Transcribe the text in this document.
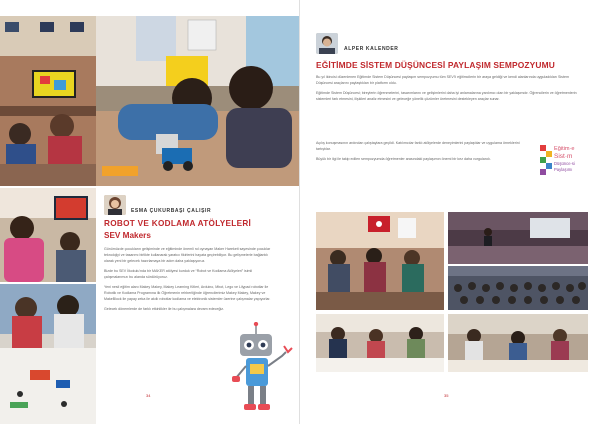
ESMA ÇUKURBAŞI ÇALIŞIR
ROBOT VE KODLAMA ATÖLYELERİ
SEV Makers

Günümüzde çocukların gelişiminde ve eğitiminde önemli rol oynayan Maker Hareketi sayesinde çocuklar teknolojiyi ve tasarımı birlikte kullanarak yaratıcı fikirlerini hayata geçirebiliyor. Bu gelişmelerle bağlantılı olarak yeni bir gelecek hazırlamaya bir adım daha yaklaşıyoruz.

Bizde bu SEV İlkokulu'nda bir MAKER atölyesi kurduk ve “Robot ve Kodlama Atölyeleri” isimli çalışmalarımızı bu alanda sürdürüyoruz.

Yeni nesil eğitim alanı Makey Makey, Makey Learning Kitleri, Arduino, Mbot, Lego ve Lilypad robotlar ile Robotik ve Kodlama Programına ilk Öğretmenin rehberliğinde öğrencilerimiz Makey Makey, Makey ve MakeBlock ile yapay zeka ile akıllı robotlar kodlama ve elektronik sistemler üzerine çalışmalar yapıyorlar.

Gelecek dönemlerde de farklı etkinlikler ile bu çalışmalara devam edeceğiz.

34
ALPER KALENDER
EĞİTİMDE SİSTEM DÜŞÜNCESİ PAYLAŞIM SEMPOZYUMU

Bu yıl ikincisi düzenlenen Eğitimde Sistem Düşüncesi paylaşım sempozyumu tüm SEV'li eğitimcilerin bir araya geldiği ve kendi alanlarında uyguladıkları Sistem Düşüncesi araçlarını paylaştıkları bir platform oldu.

Eğitimde Sistem Düşüncesi; bireylerin öğrenmelerini, tasarımlarını ve gelişimlerini daha iyi anlamalarına yardımcı olan bir yaklaşımdır. Öğrencilerin ve öğretmenlerin sistemleri fark etmesini, ilişkileri analiz etmesini ve geleceğe yönelik çözümler üretmesini destekleyen araçlar sunar.

Açılış konuşmasının ardından çalıştaylara geçildi. Katılımcılar farklı atölyelerde deneyimlerini paylaştılar ve uygulama örneklerini tartıştılar.

Büyük bir ilgi ile takip edilen sempozyumda öğretmenler arasındaki paylaşımın önemi bir kez daha vurgulandı.

Eğitim·e
Sist·m
Düşünce·si
Paylaşımı
35
